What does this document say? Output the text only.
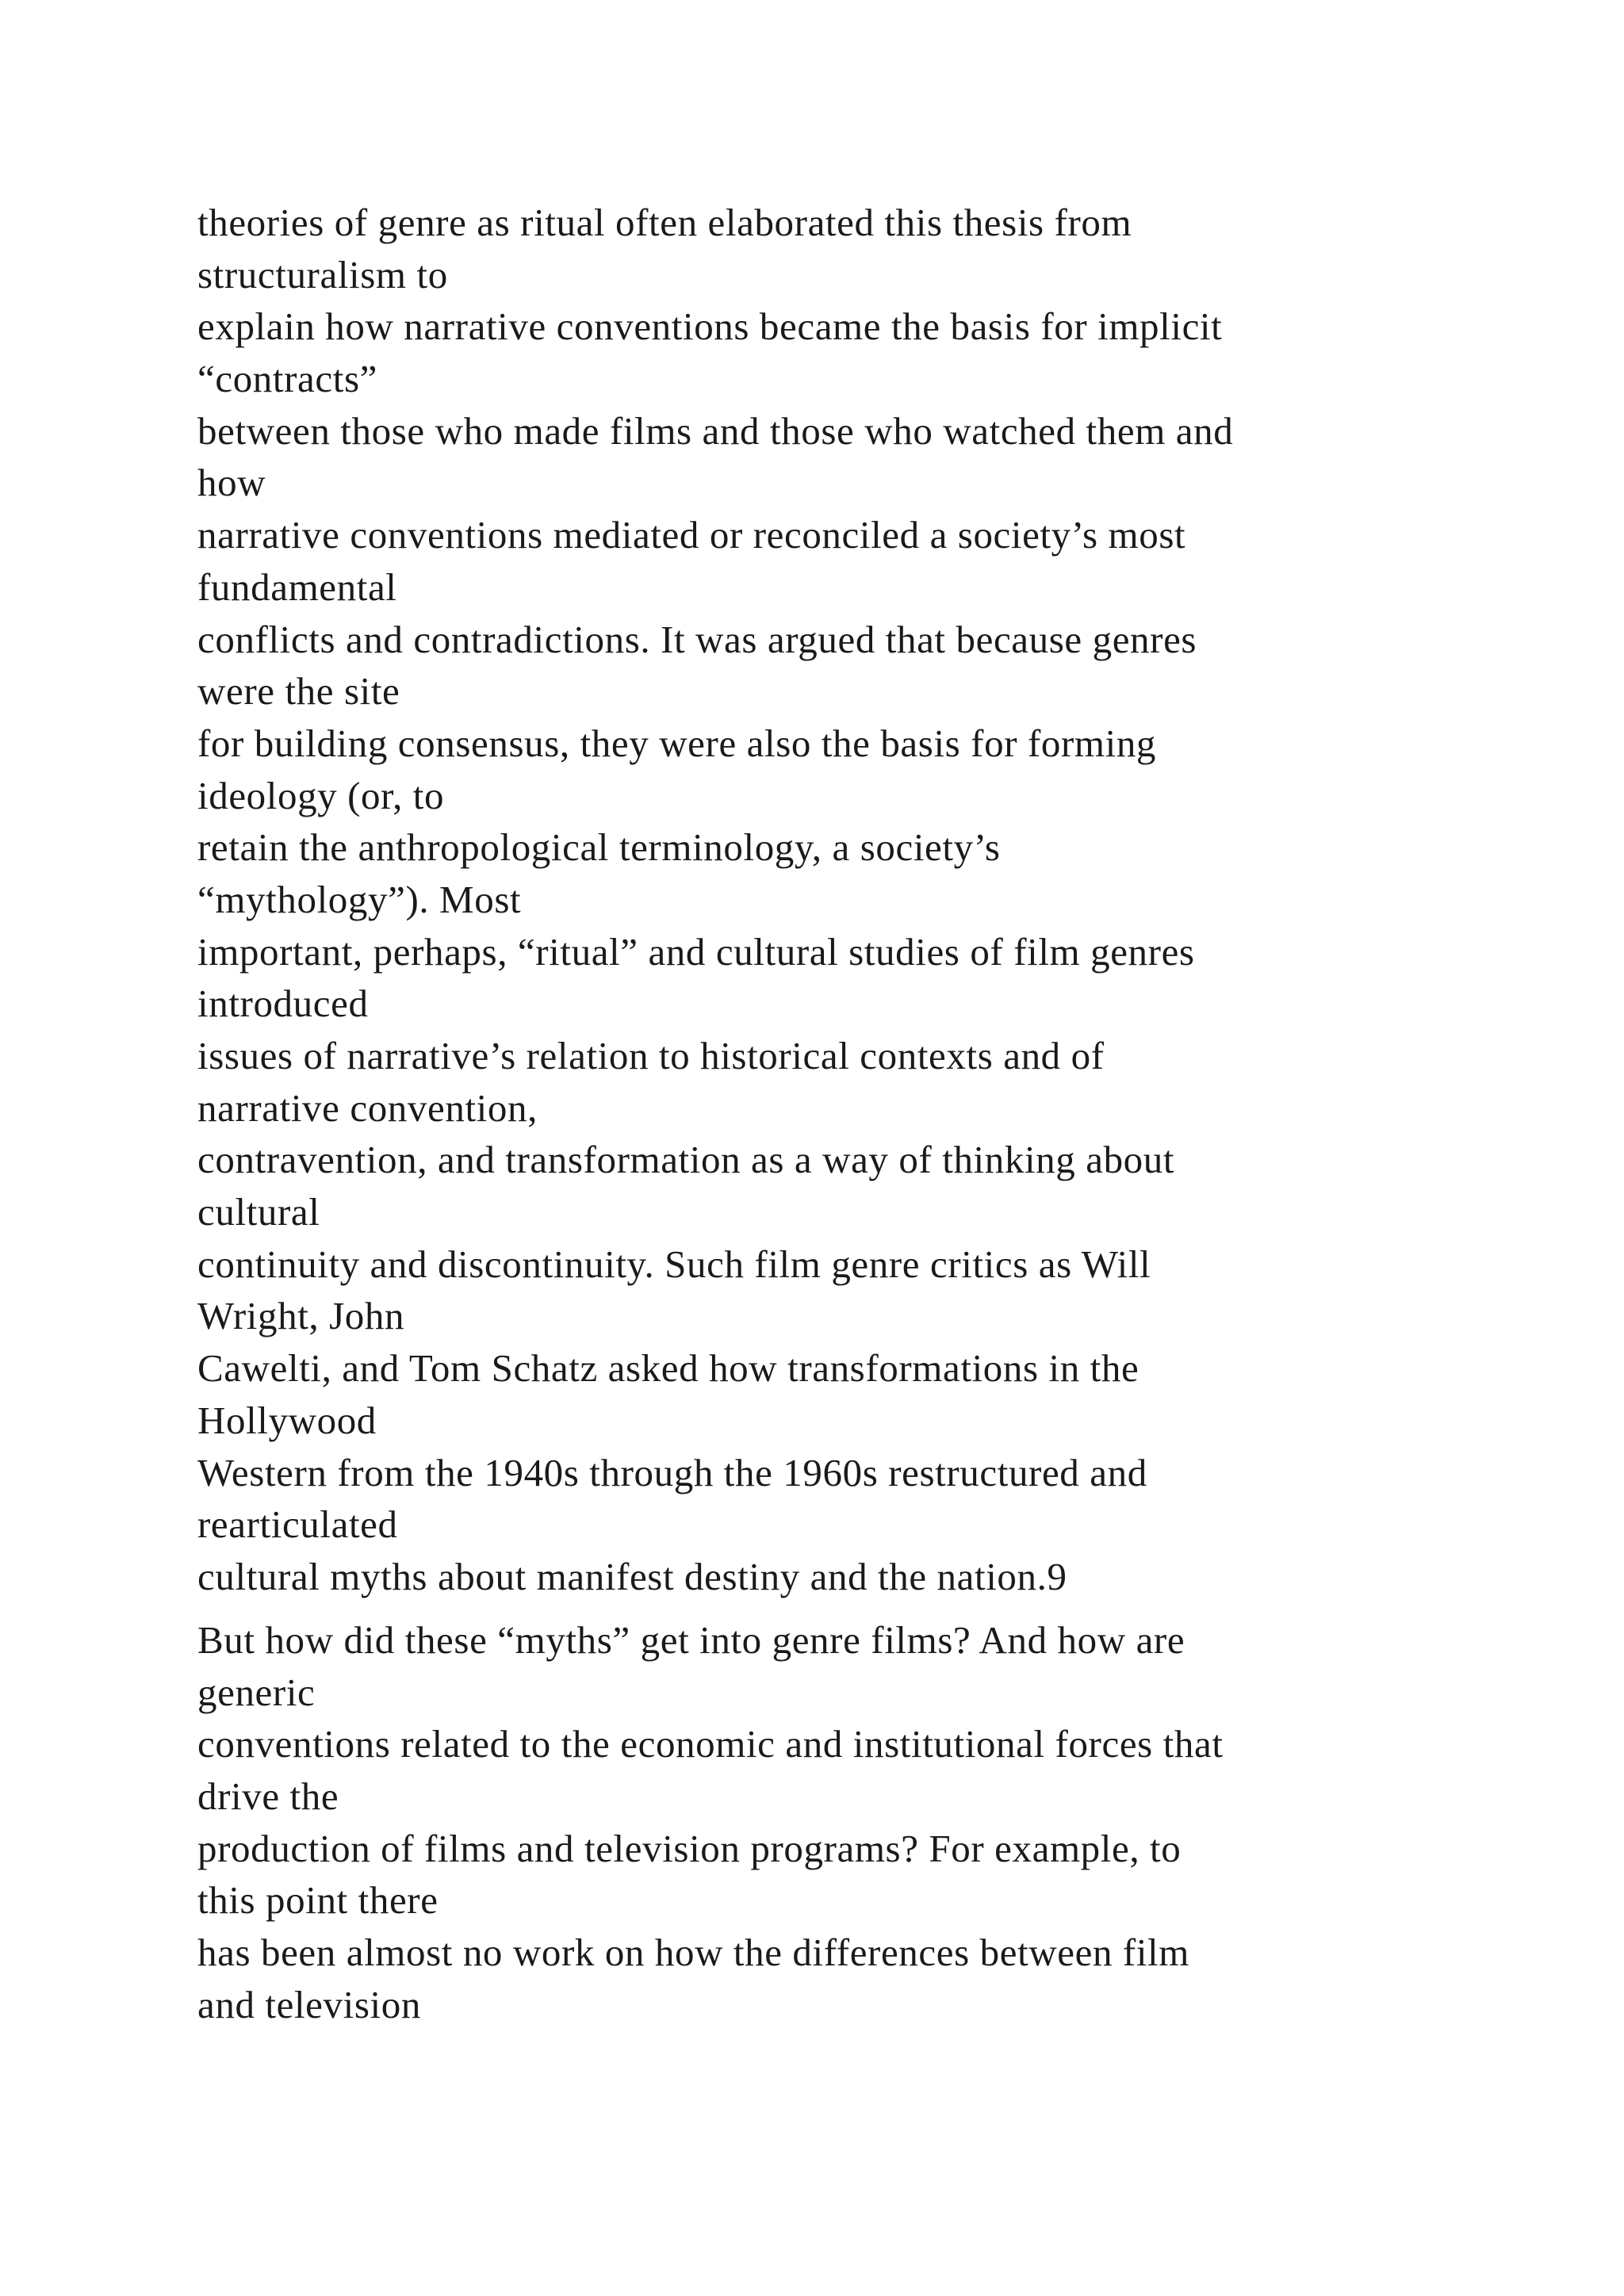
theories of genre as ritual often elaborated this thesis from
structuralism to
explain how narrative conventions became the basis for implicit
“contracts”
between those who made films and those who watched them and
how
narrative conventions mediated or reconciled a society’s most
fundamental
conflicts and contradictions. It was argued that because genres
were the site
for building consensus, they were also the basis for forming
ideology (or, to
retain the anthropological terminology, a society’s
“mythology”). Most
important, perhaps, “ritual” and cultural studies of film genres
introduced
issues of narrative’s relation to historical contexts and of
narrative convention,
contravention, and transformation as a way of thinking about
cultural
continuity and discontinuity. Such film genre critics as Will
Wright, John
Cawelti, and Tom Schatz asked how transformations in the
Hollywood
Western from the 1940s through the 1960s restructured and
rearticulated
cultural myths about manifest destiny and the nation.9
But how did these “myths” get into genre films? And how are
generic
conventions related to the economic and institutional forces that
drive the
production of films and television programs? For example, to
this point there
has been almost no work on how the differences between film
and television
